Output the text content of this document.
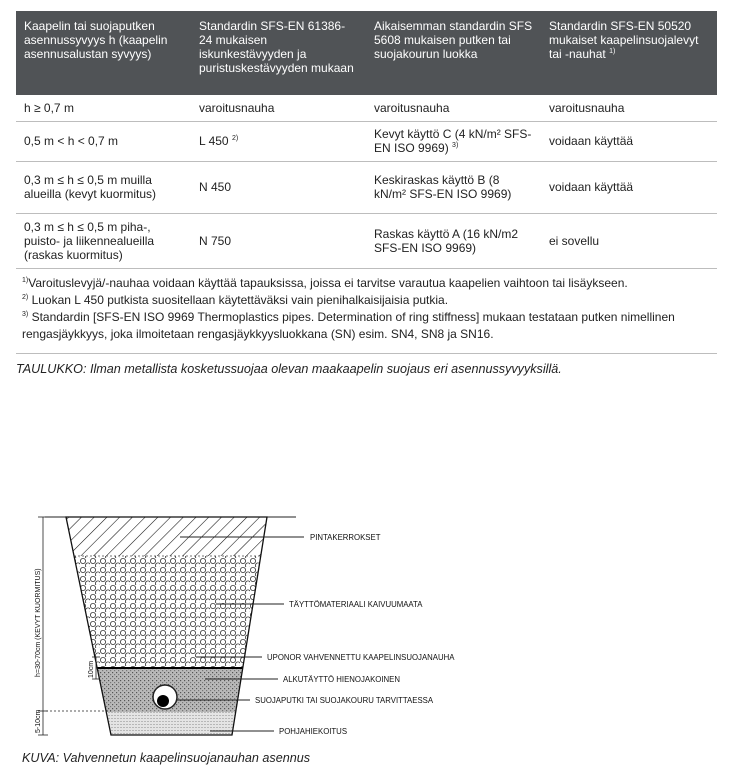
Kaapelin tai suojaputken asennussyvyys h (kaapelin asennusalustan syvyys)	Standardin SFS-EN 61386-24 mukaisen iskunkestävyyden ja puristuskestävyyden mukaan	Aikaisemman standardin SFS 5608 mukaisen putken tai suojakourun luokka	Standardin SFS-EN 50520 mukaiset kaapelinsuojalevyt tai -nauhat $^{1)}$
h ≥ 0,7 m	varoitusnauha	varoitusnauha	varoitusnauha
0,5 m < h < 0,7 m	L 450 $^{2)}$	Kevyt käyttö C (4 kN/m² SFS-EN ISO 9969) $^{3)}$	voidaan käyttää
0,3 m ≤ h ≤ 0,5 m muilla alueilla (kevyt kuormitus)	N 450	Keskiraskas käyttö B (8 kN/m² SFS-EN ISO 9969)	voidaan käyttää
0,3 m ≤ h ≤ 0,5 m piha-, puisto- ja liikennealueilla (raskas kuormitus)	N 750	Raskas käyttö A (16 kN/m2 SFS-EN ISO 9969)	ei sovellu

$^{1)}$Varoituslevyjä/-nauhaa voidaan käyttää tapauksissa, joissa ei tarvitse varautua kaapelien vaihtoon tai lisäykseen.

$^{2)}$ Luokan L 450 putkista suositellaan käytettäväksi vain pienihalkaisijaisia putkia.

$^{3)}$ Standardin [SFS-EN ISO 9969 Thermoplastics pipes. Determination of ring stiffness] mukaan testataan putken nimellinen rengasjäykkyys, joka ilmoitetaan rengasjäykkyysluokkana (SN) esim. SN4, SN8 ja SN16.

TAULUKKO: Ilman metallista kosketussuojaa olevan maakaapelin suojaus eri asennussyvyyksillä.
PINTAKERROKSET
TÄYTTÖMATERIAALI KAIVUUMAATA
UPONOR VAHVENNETTU KAAPELINSUOJANAUHA
ALKUTÄYTTÖ HIENOJAKOINEN
SUOJAPUTKI TAI SUOJAKOURU TARVITTAESSA
POHJAHIEKOITUS
h=30-70cm (KEVYT KUORMITUS)	10cm
5-10cm
KUVA: Vahvennetun kaapelinsuojanauhan asennus
